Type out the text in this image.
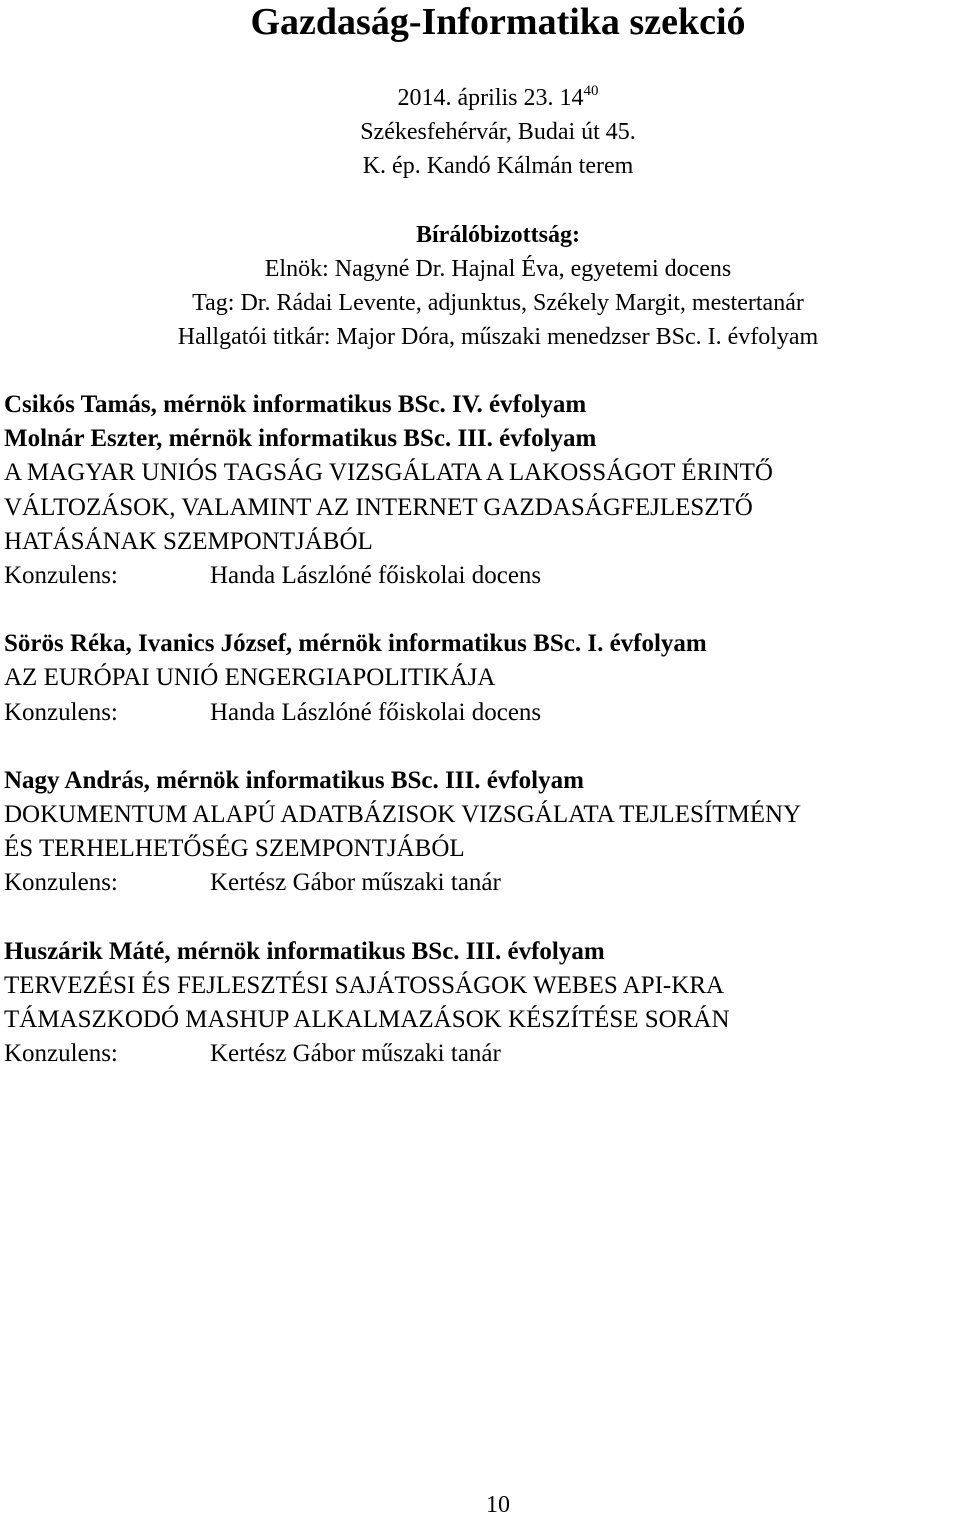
Gazdaság-Informatika szekció
2014. április 23. $14^{40}$
Székesfehérvár, Budai út 45.
K. ép. Kandó Kálmán terem
Bírálóbizottság:
Elnök: Nagyné Dr. Hajnal Éva, egyetemi docens
Tag: Dr. Rádai Levente, adjunktus, Székely Margit, mestertanár
Hallgatói titkár: Major Dóra, műszaki menedzser BSc. I. évfolyam
Csikós Tamás, mérnök informatikus BSc. IV. évfolyam
Molnár Eszter, mérnök informatikus BSc. III. évfolyam
A MAGYAR UNIÓS TAGSÁG VIZSGÁLATA A LAKOSSÁGOT ÉRINTŐ
VÁLTOZÁSOK, VALAMINT AZ INTERNET GAZDASÁGFEJLESZTŐ
HATÁSÁNAK SZEMPONTJÁBÓL
Konzulens:	Handa Lászlóné főiskolai docens
Sörös Réka, Ivanics József, mérnök informatikus BSc. I. évfolyam
AZ EURÓPAI UNIÓ ENGERGIAPOLITIKÁJA
Konzulens:	Handa Lászlóné főiskolai docens
Nagy András, mérnök informatikus BSc. III. évfolyam
DOKUMENTUM ALAPÚ ADATBÁZISOK VIZSGÁLATA TEJLESÍTMÉNY
ÉS TERHELHETŐSÉG SZEMPONTJÁBÓL
Konzulens:	Kertész Gábor műszaki tanár
Huszárik Máté, mérnök informatikus BSc. III. évfolyam
TERVEZÉSI ÉS FEJLESZTÉSI SAJÁTOSSÁGOK WEBES API-KRA
TÁMASZKODÓ MASHUP ALKALMAZÁSOK KÉSZÍTÉSE SORÁN
Konzulens:	Kertész Gábor műszaki tanár
10
